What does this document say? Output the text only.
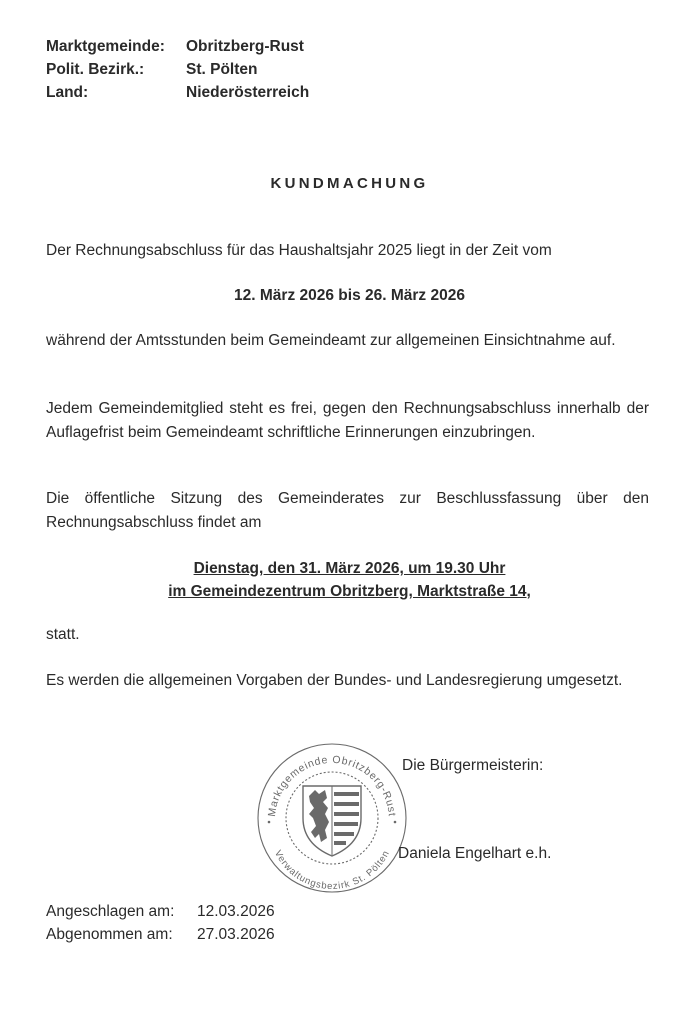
Marktgemeinde:	Obritzberg-Rust
Polit. Bezirk.:	St. Pölten
Land:	Niederösterreich
KUNDMACHUNG
Der Rechnungsabschluss für das Haushaltsjahr 2025 liegt in der Zeit vom
12. März 2026 bis 26. März 2026
während der Amtsstunden beim Gemeindeamt zur allgemeinen Einsichtnahme auf.
Jedem Gemeindemitglied steht es frei, gegen den Rechnungsabschluss innerhalb der Auflagefrist beim Gemeindeamt schriftliche Erinnerungen einzubringen.
Die öffentliche Sitzung des Gemeinderates zur Beschlussfassung über den Rechnungsabschluss findet am
Dienstag, den 31. März 2026, um 19.30 Uhr
im Gemeindezentrum Obritzberg, Marktstraße 14,
statt.
Es werden die allgemeinen Vorgaben der Bundes- und Landesregierung umgesetzt.
Marktgemeinde Obritzberg-Rust
Verwaltungsbezirk St. Pölten
Die Bürgermeisterin:
Daniela Engelhart e.h.
Angeschlagen am:	12.03.2026
Abgenommen am:	27.03.2026
